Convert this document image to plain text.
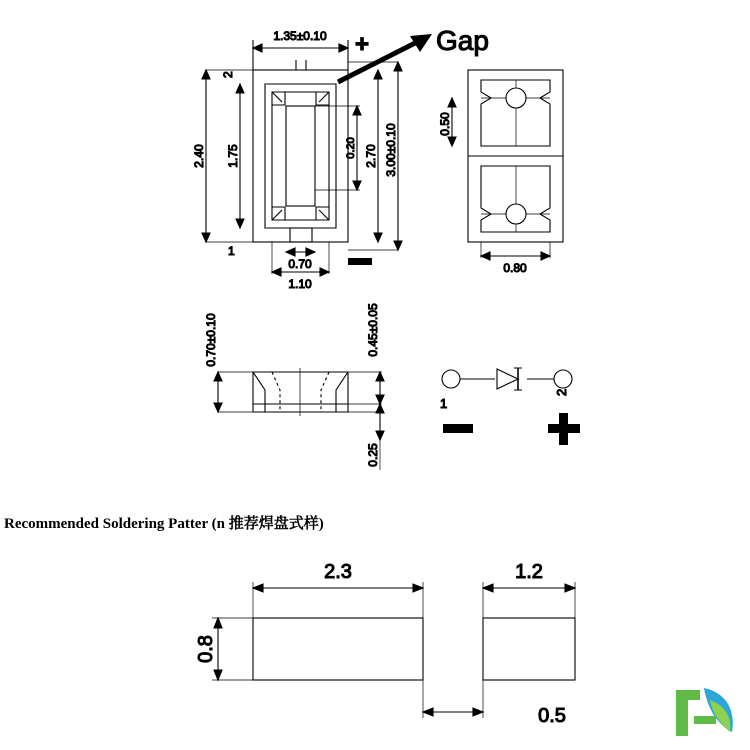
1.35±0.10 + Gap
2
1
2.40 1.75	3.00±0.10
2.70
0.20
0.70
1.10
0.50
0.80
0.70±0.10	0.45±0.05
0.25
1
2
2.3	1.2
0.8
0.5
Recommended Soldering Patter (n 推荐焊盘式样)
